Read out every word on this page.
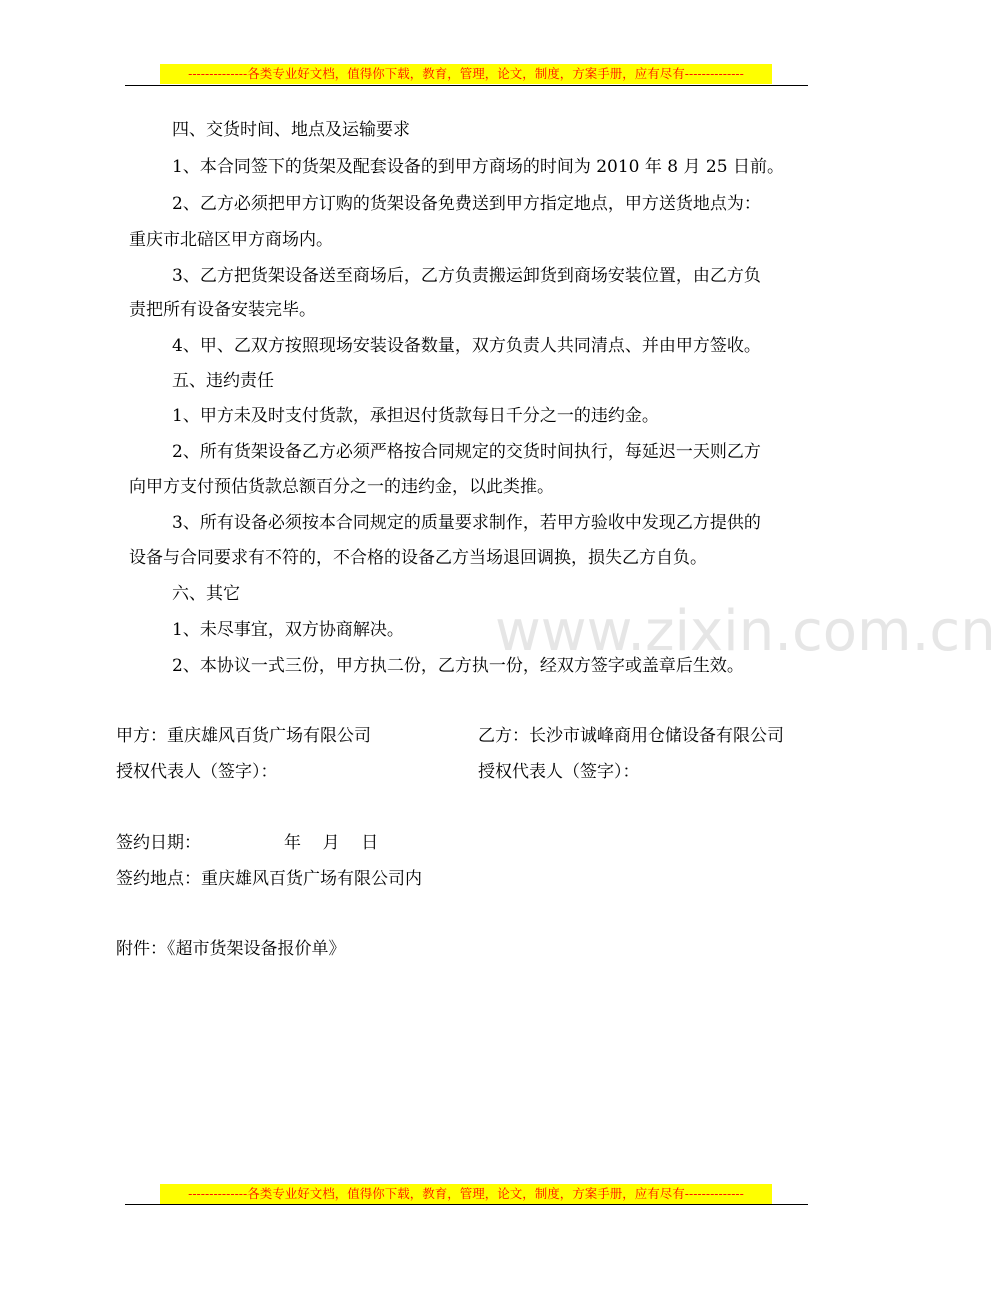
--------------各类专业好文档，值得你下载，教育，管理，论文，制度，方案手册，应有尽有--------------
www.zixin.com.cn
四、交货时间、地点及运输要求
1、本合同签下的货架及配套设备的到甲方商场的时间为 2010 年 8 月 25 日前。
2、乙方必须把甲方订购的货架设备免费送到甲方指定地点，甲方送货地点为：
重庆市北碚区甲方商场内。
3、乙方把货架设备送至商场后，乙方负责搬运卸货到商场安装位置，由乙方负
责把所有设备安装完毕。
4、甲、乙双方按照现场安装设备数量，双方负责人共同清点、并由甲方签收。
五、违约责任
1、甲方未及时支付货款，承担迟付货款每日千分之一的违约金。
2、所有货架设备乙方必须严格按合同规定的交货时间执行，每延迟一天则乙方
向甲方支付预估货款总额百分之一的违约金，以此类推。
3、所有设备必须按本合同规定的质量要求制作，若甲方验收中发现乙方提供的
设备与合同要求有不符的，不合格的设备乙方当场退回调换，损失乙方自负。
六、其它
1、未尽事宜，双方协商解决。
2、本协议一式三份，甲方执二份，乙方执一份，经双方签字或盖章后生效。
甲方：重庆雄风百货广场有限公司	乙方：长沙市诚峰商用仓储设备有限公司
授权代表人（签字）：	授权代表人（签字）：
签约日期：	年    月    日
签约地点：重庆雄风百货广场有限公司内
附件：《超市货架设备报价单》
--------------各类专业好文档，值得你下载，教育，管理，论文，制度，方案手册，应有尽有--------------
